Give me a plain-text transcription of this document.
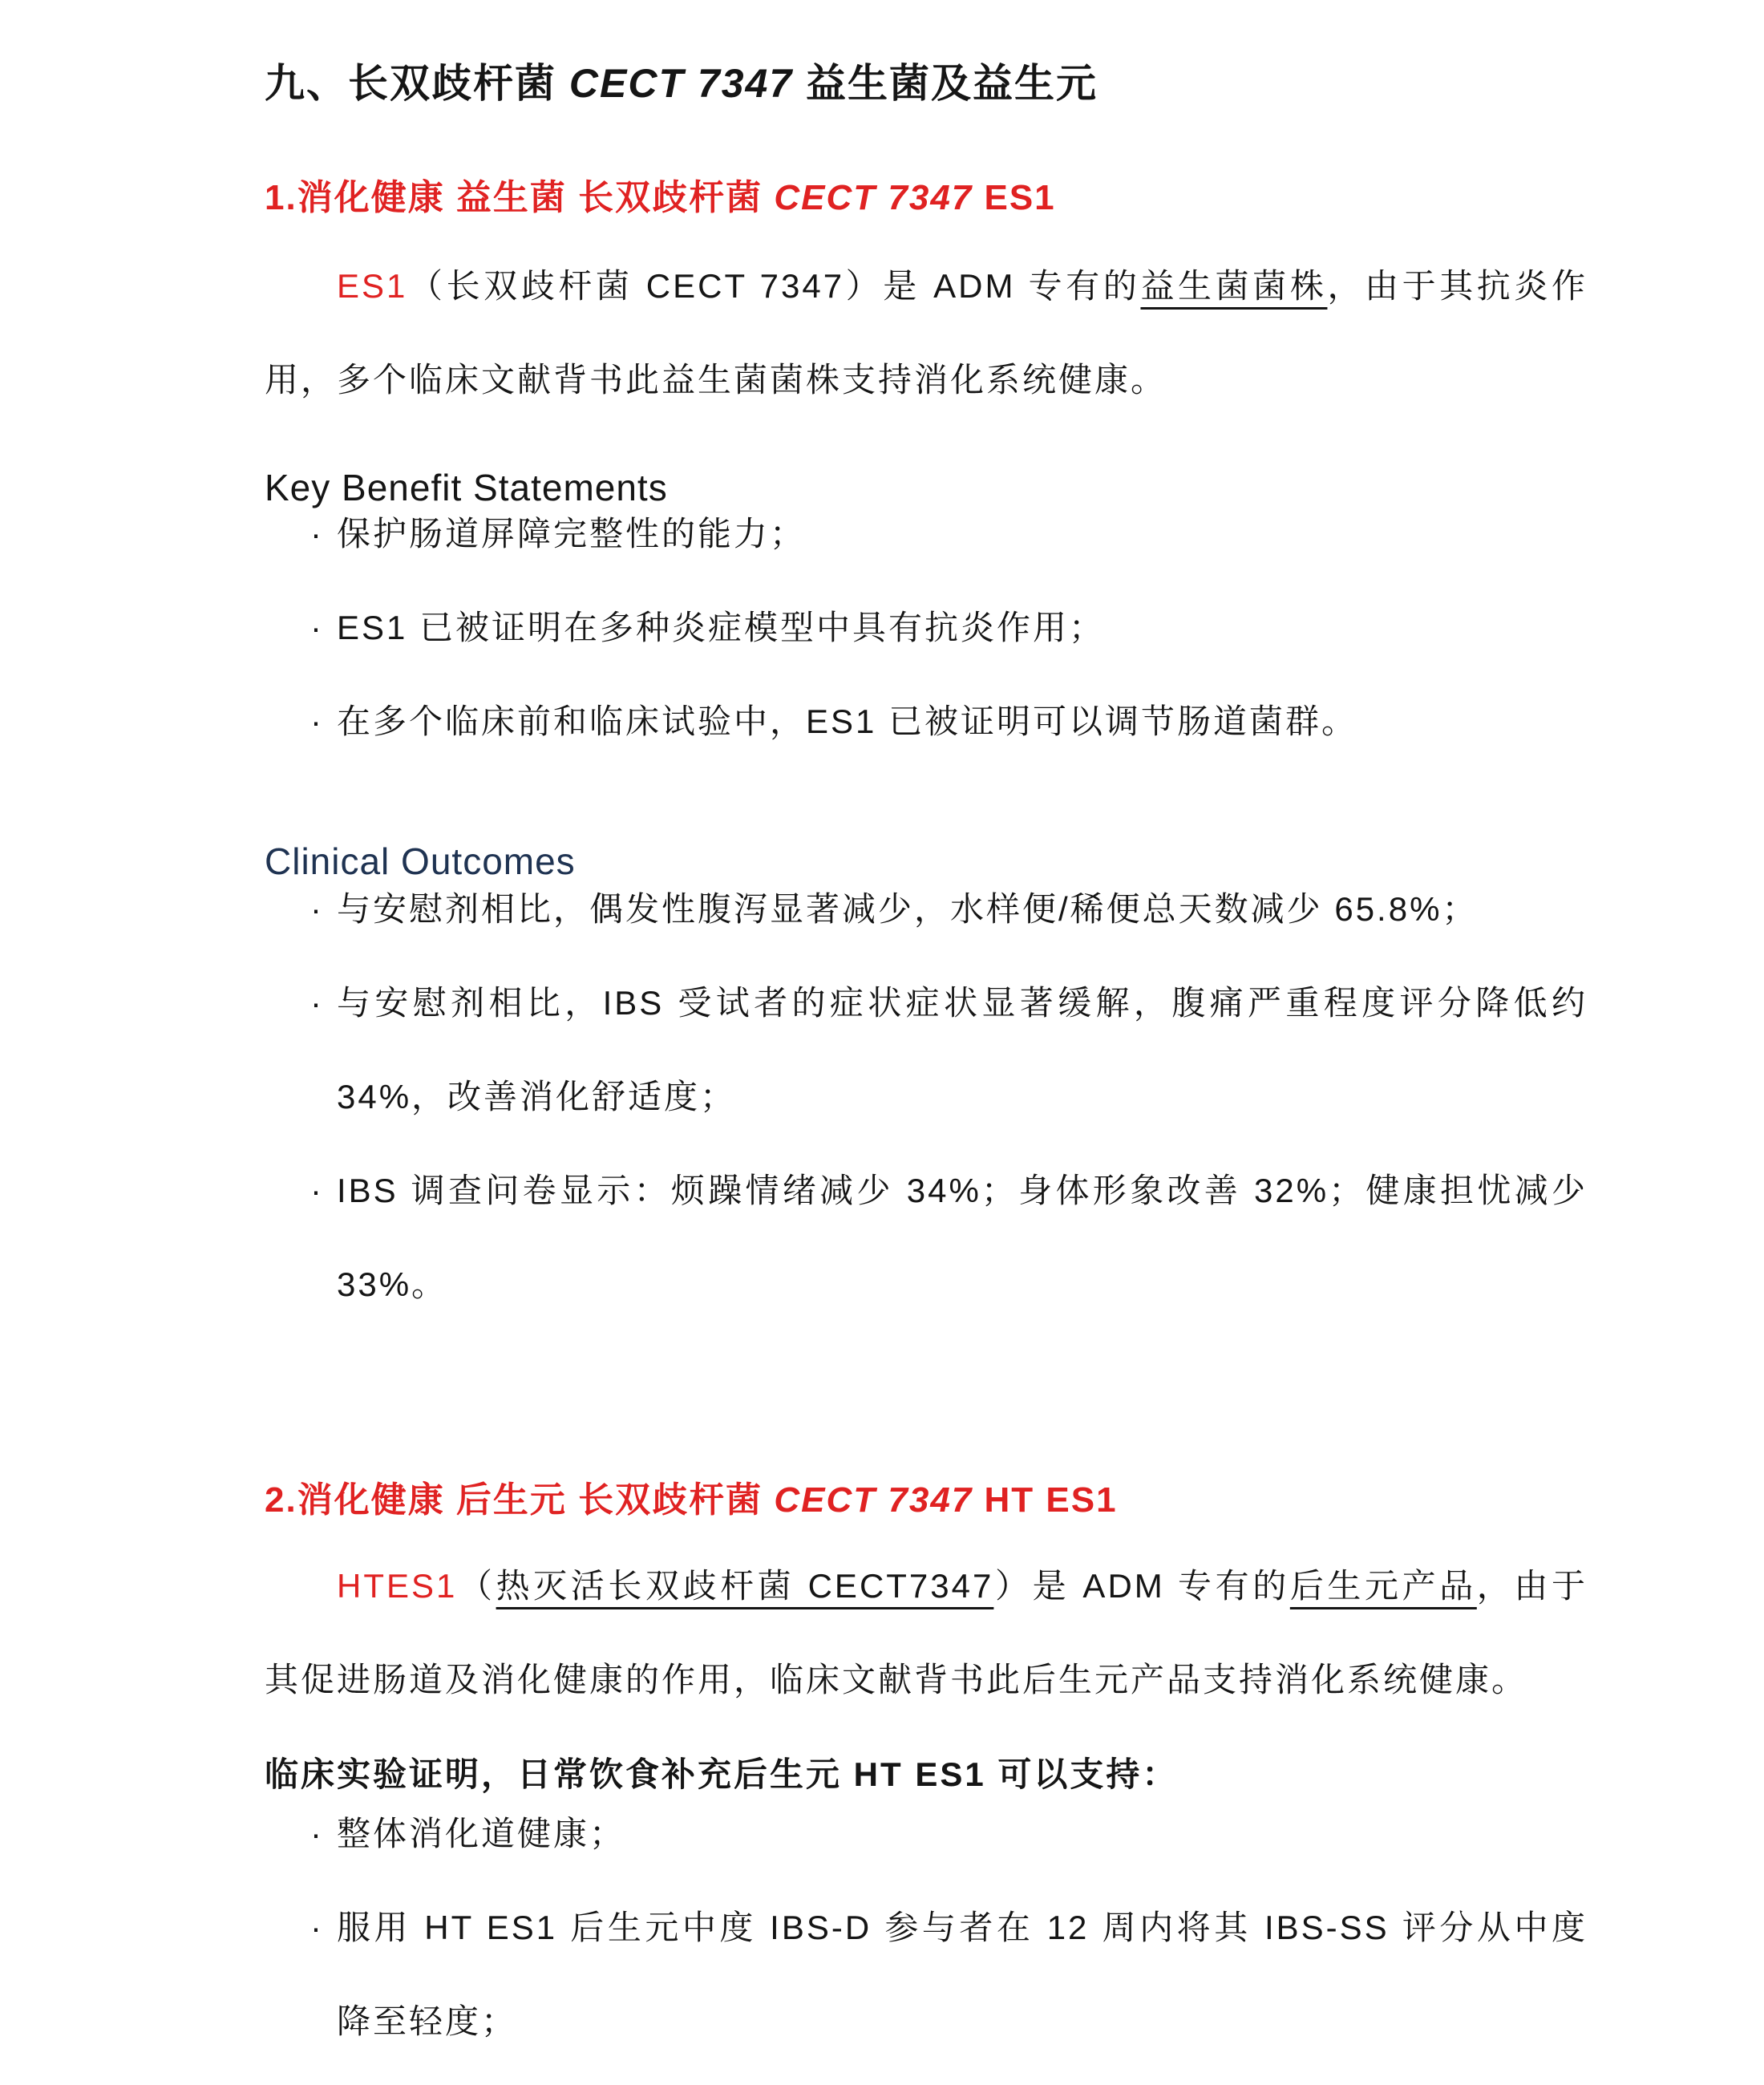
九、长双歧杆菌 CECT 7347 益生菌及益生元
1.消化健康 益生菌 长双歧杆菌 CECT 7347 ES1

ES1（长双歧杆菌 CECT 7347）是 ADM 专有的益生菌菌株，由于其抗炎作用，多个临床文献背书此益生菌菌株支持消化系统健康。

Key Benefit Statements
· 保护肠道屏障完整性的能力；
· ES1 已被证明在多种炎症模型中具有抗炎作用；
· 在多个临床前和临床试验中，ES1 已被证明可以调节肠道菌群。
Clinical Outcomes
· 与安慰剂相比，偶发性腹泻显著减少，水样便/稀便总天数减少 65.8%；
· 与安慰剂相比，IBS 受试者的症状症状显著缓解，腹痛严重程度评分降低约 34%，改善消化舒适度；
· IBS 调查问卷显示：烦躁情绪减少 34%；身体形象改善 32%；健康担忧减少 33%。
2.消化健康 后生元 长双歧杆菌 CECT 7347 HT ES1

HTES1（热灭活长双歧杆菌 CECT7347）是 ADM 专有的后生元产品，由于其促进肠道及消化健康的作用，临床文献背书此后生元产品支持消化系统健康。

临床实验证明，日常饮食补充后生元 HT ES1 可以支持：
· 整体消化道健康；
· 服用 HT ES1 后生元中度 IBS-D 参与者在 12 周内将其 IBS-SS 评分从中度降至轻度；
